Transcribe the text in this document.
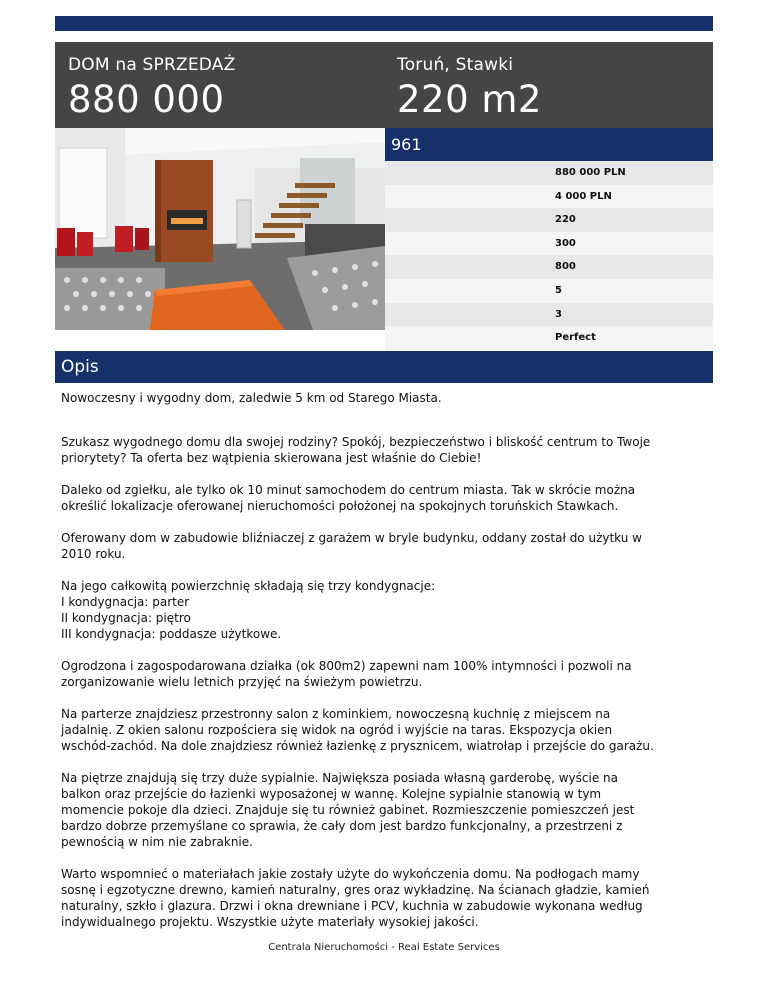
DOM na SPRZEDAŻ
880 000
Toruń, Stawki
220 m2
961
880 000 PLN
4 000 PLN
220
300
800
5
3
Perfect
Opis

Nowoczesny i wygodny dom, zaledwie 5 km od Starego Miasta.

Szukasz wygodnego domu dla swojej rodziny? Spokój, bezpieczeństwo i bliskość centrum to Twoje
priorytety? Ta oferta bez wątpienia skierowana jest właśnie do Ciebie!

Daleko od zgiełku, ale tylko ok 10 minut samochodem do centrum miasta. Tak w skrócie można
określić lokalizacje oferowanej nieruchomości położonej na spokojnych toruńskich Stawkach.

Oferowany dom w zabudowie bliźniaczej z garażem w bryle budynku, oddany został do użytku w
2010 roku.

Na jego całkowitą powierzchnię składają się trzy kondygnacje:
I kondygnacja: parter
II kondygnacja: piętro
III kondygnacja: poddasze użytkowe.

Ogrodzona i zagospodarowana działka (ok 800m2) zapewni nam 100% intymności i pozwoli na
zorganizowanie wielu letnich przyjęć na świeżym powietrzu.

Na parterze znajdziesz przestronny salon z kominkiem, nowoczesną kuchnię z miejscem na
jadalnię. Z okien salonu rozpościera się widok na ogród i wyjście na taras. Ekspozycja okien
wschód-zachód. Na dole znajdziesz również łazienkę z prysznicem, wiatrołap i przejście do garażu.

Na piętrze znajdują się trzy duże sypialnie. Największa posiada własną garderobę, wyście na
balkon oraz przejście do łazienki wyposażonej w wannę. Kolejne sypialnie stanowią w tym
momencie pokoje dla dzieci. Znajduje się tu również gabinet. Rozmieszczenie pomieszczeń jest
bardzo dobrze przemyślane co sprawia, że cały dom jest bardzo funkcjonalny, a przestrzeni z
pewnością w nim nie zabraknie.

Warto wspomnieć o materiałach jakie zostały użyte do wykończenia domu. Na podłogach mamy
sosnę i egzotyczne drewno, kamień naturalny, gres oraz wykładzinę. Na ścianach gładzie, kamień
naturalny, szkło i glazura. Drzwi i okna drewniane i PCV, kuchnia w zabudowie wykonana według
indywidualnego projektu. Wszystkie użyte materiały wysokiej jakości.

Centrala Nieruchomości - Real Estate Services
